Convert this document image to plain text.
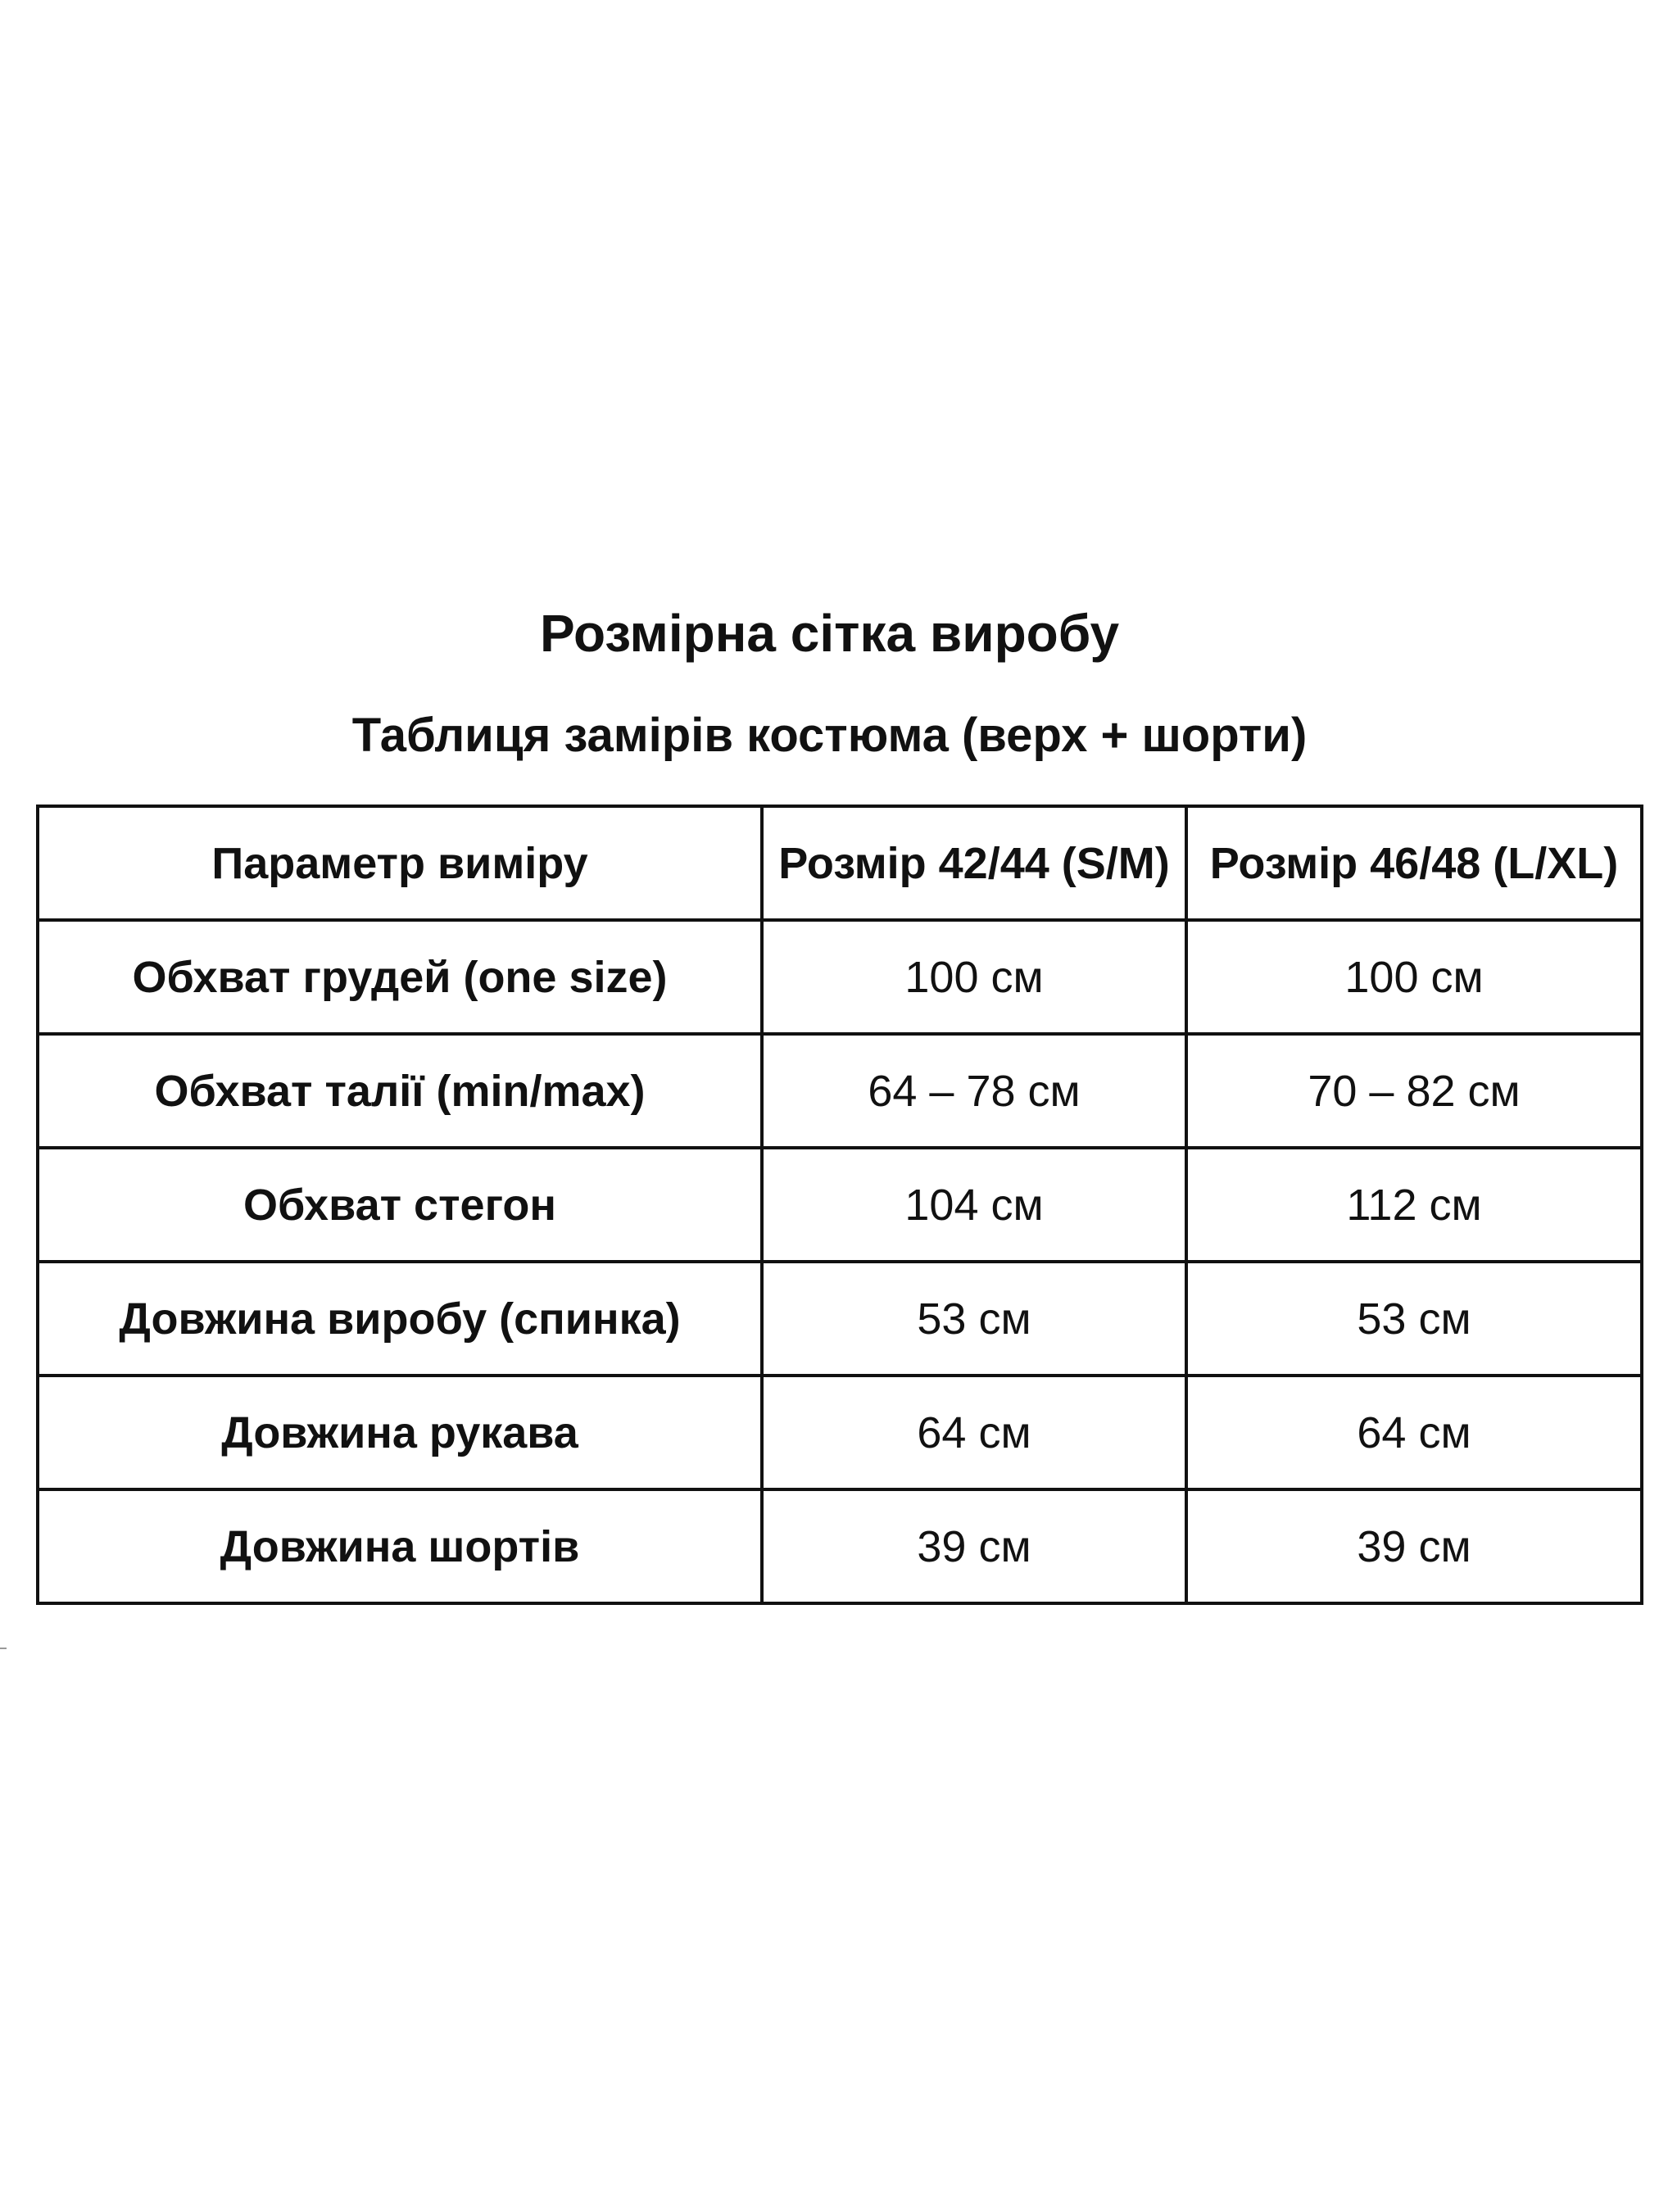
Розмірна сітка виробу
Таблиця замірів костюма (верх + шорти)
Параметр виміру	Розмір 42/44 (S/M)	Розмір 46/48 (L/XL)
Обхват грудей (one size)	100 см	100 см
Обхват талії (min/max)	64 – 78 см	70 – 82 см
Обхват стегон	104 см	112 см
Довжина виробу (спинка)	53 см	53 см
Довжина рукава	64 см	64 см
Довжина шортів	39 см	39 см
